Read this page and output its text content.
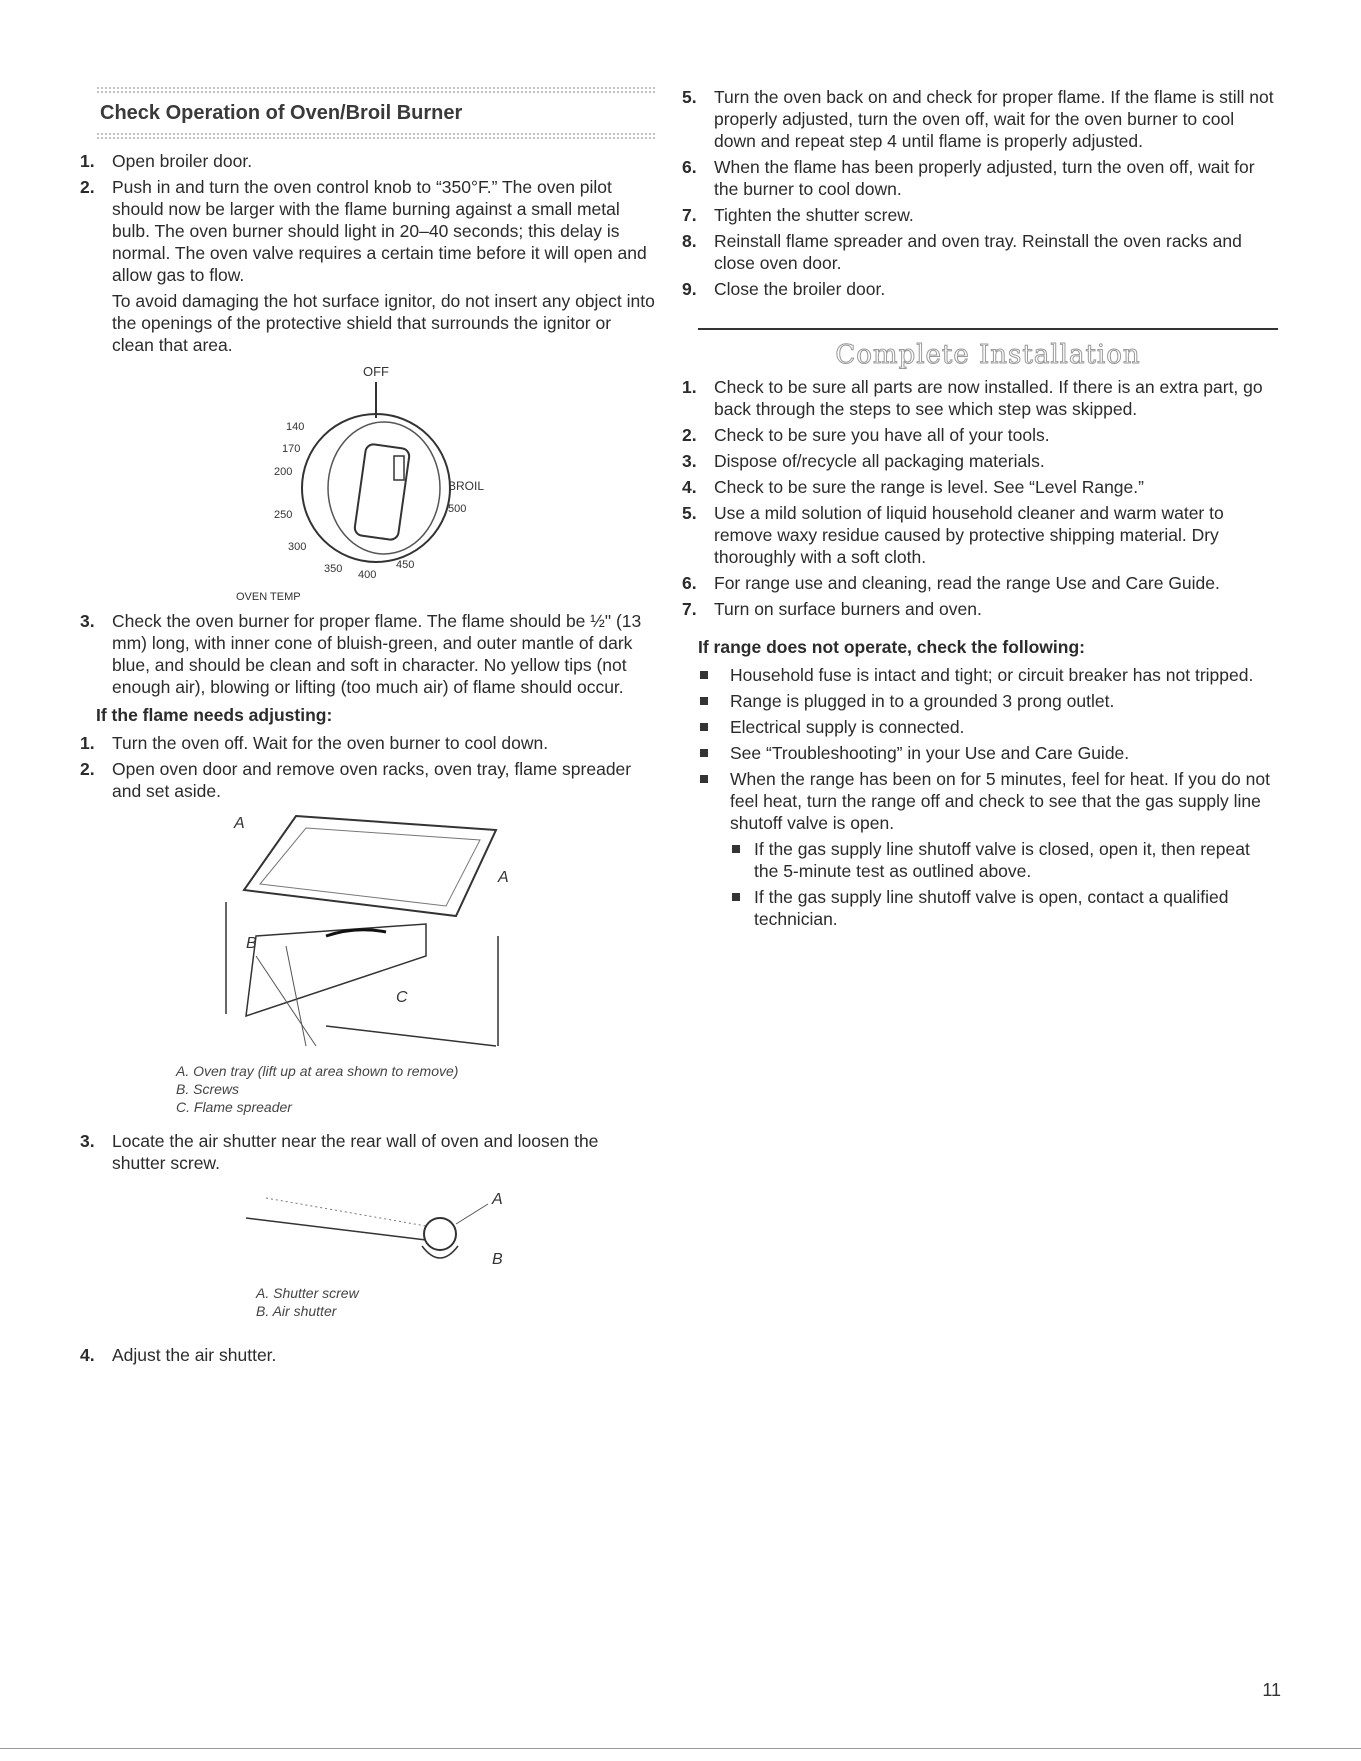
Check Operation of Oven/Broil Burner
1. Open broiler door.
2. Push in and turn the oven control knob to “350°F.” The oven pilot should now be larger with the flame burning against a small metal bulb. The oven burner should light in 20–40 seconds; this delay is normal. The oven valve requires a certain time before it will open and allow gas to flow.
To avoid damaging the hot surface ignitor, do not insert any object into the openings of the protective shield that surrounds the ignitor or clean that area.
OFF
140
170
200
250
300
350 400
450
500
BROIL
OVEN TEMP
3. Check the oven burner for proper flame. The flame should be ½" (13 mm) long, with inner cone of bluish-green, and outer mantle of dark blue, and should be clean and soft in character. No yellow tips (not enough air), blowing or lifting (too much air) of flame should occur.
If the flame needs adjusting:
1. Turn the oven off. Wait for the oven burner to cool down.
2. Open oven door and remove oven racks, oven tray, flame spreader and set aside.
A
A
B
C
A. Oven tray (lift up at area shown to remove)
B. Screws
C. Flame spreader
3. Locate the air shutter near the rear wall of oven and loosen the shutter screw.
A
B
A. Shutter screw
B. Air shutter
4. Adjust the air shutter.
5. Turn the oven back on and check for proper flame. If the flame is still not properly adjusted, turn the oven off, wait for the oven burner to cool down and repeat step 4 until flame is properly adjusted.
6. When the flame has been properly adjusted, turn the oven off, wait for the burner to cool down.
7. Tighten the shutter screw.
8. Reinstall flame spreader and oven tray. Reinstall the oven racks and close oven door.
9. Close the broiler door.
Complete Installation
1. Check to be sure all parts are now installed. If there is an extra part, go back through the steps to see which step was skipped.
2. Check to be sure you have all of your tools.
3. Dispose of/recycle all packaging materials.
4. Check to be sure the range is level. See “Level Range.”
5. Use a mild solution of liquid household cleaner and warm water to remove waxy residue caused by protective shipping material. Dry thoroughly with a soft cloth.
6. For range use and cleaning, read the range Use and Care Guide.
7. Turn on surface burners and oven.
If range does not operate, check the following:
Household fuse is intact and tight; or circuit breaker has not tripped.
Range is plugged in to a grounded 3 prong outlet.
Electrical supply is connected.
See “Troubleshooting” in your Use and Care Guide.
When the range has been on for 5 minutes, feel for heat. If you do not feel heat, turn the range off and check to see that the gas supply line shutoff valve is open.
If the gas supply line shutoff valve is closed, open it, then repeat the 5-minute test as outlined above.
If the gas supply line shutoff valve is open, contact a qualified technician.
11
